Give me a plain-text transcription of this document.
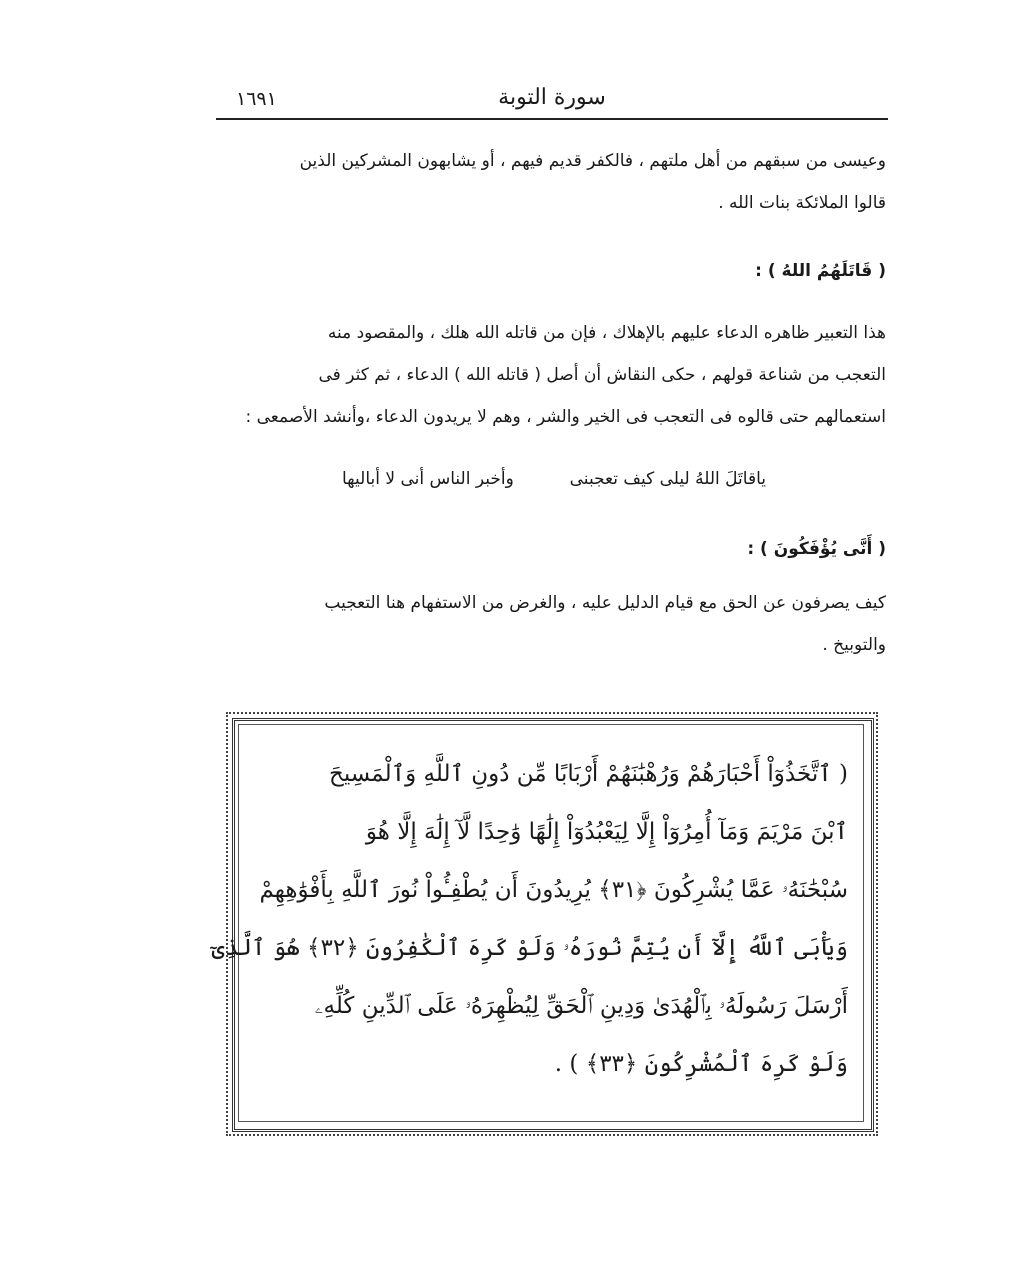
١٦٩١	سورة التوبة
وعيسى من سبقهم من أهل ملتهم ، فالكفر قديم فيهم ، أو يشابهون المشركين الذين
قالوا الملائكة بنات الله .
( قَاتَلَهُمُ اللهُ ) :
هذا التعبير ظاهره الدعاء عليهم بالإهلاك ، فإن من قاتله الله هلك ، والمقصود منه
التعجب من شناعة قولهم ، حكى النقاش أن أصل ( قاتله الله ) الدعاء ، ثم كثر فى
استعمالهم حتى قالوه فى التعجب فى الخير والشر ، وهم لا يريدون الدعاء ،وأنشد الأصمعى :
ياقاتَلَ اللهُ ليلى كيف تعجبنى
وأخبر الناس أنى لا أباليها
( أَنَّى يُؤْفَكُونَ ) :
كيف يصرفون عن الحق مع قيام الدليل عليه ، والغرض من الاستفهام هنا التعجيب
والتوبيخ .
( ٱتَّخَذُوٓاْ أَحْبَارَهُمْ وَرُهْبَٰنَهُمْ أَرْبَابًا مِّن دُونِ ٱللَّهِ وَٱلْمَسِيحَ
ٱبْنَ مَرْيَمَ وَمَآ أُمِرُوٓاْ إِلَّا لِيَعْبُدُوٓاْ إِلَٰهًا وَٰحِدًا لَّآ إِلَٰهَ إِلَّا هُوَ
سُبْحَٰنَهُۥ عَمَّا يُشْرِكُونَ ﴿٣١﴾ يُرِيدُونَ أَن يُطْفِـُٔواْ نُورَ ٱللَّهِ بِأَفْوَٰهِهِمْ
وَيَأْبَى ٱللَّهُ إِلَّآ أَن يُتِمَّ نُورَهُۥ وَلَوْ كَرِهَ ٱلْكَٰفِرُونَ ﴿٣٢﴾ هُوَ ٱلَّذِىٓ
أَرْسَلَ رَسُولَهُۥ بِٱلْهُدَىٰ وَدِينِ ٱلْحَقِّ لِيُظْهِرَهُۥ عَلَى ٱلدِّينِ كُلِّهِۦ
وَلَوْ كَرِهَ ٱلْمُشْرِكُونَ ﴿٣٣﴾ ) .
